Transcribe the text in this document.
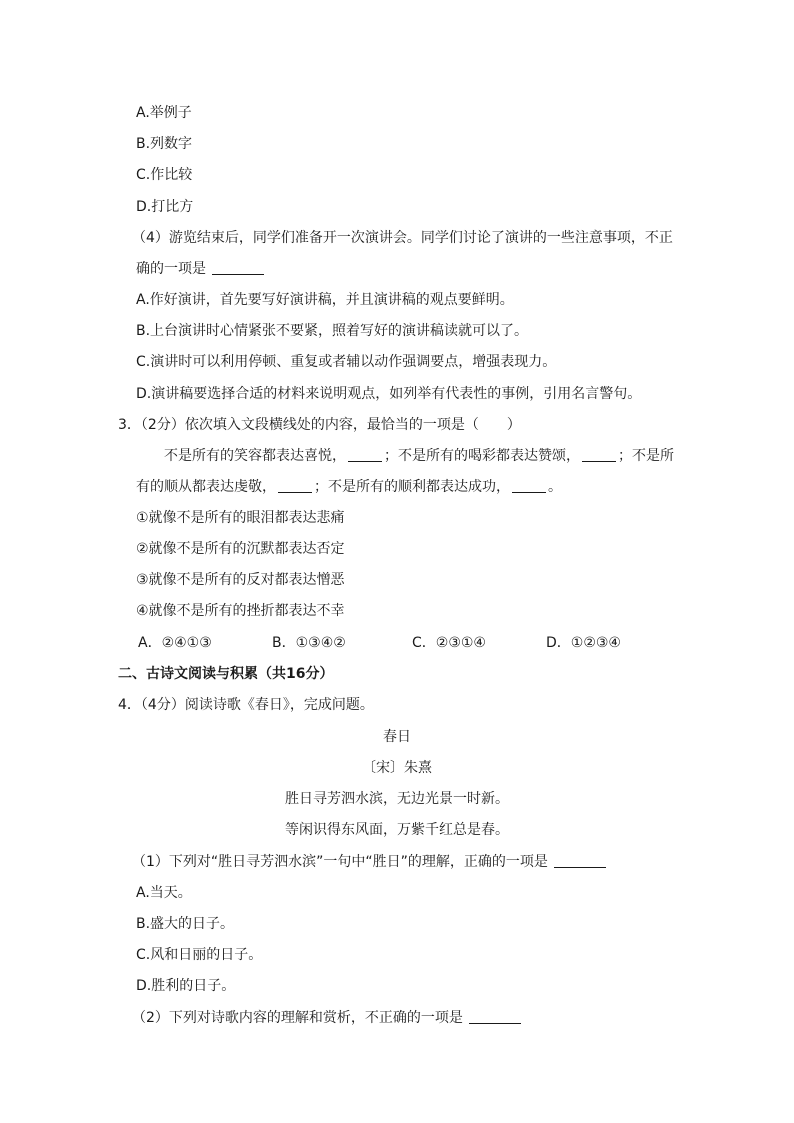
A.举例子
B.列数字
C.作比较
D.打比方
（4）游览结束后，同学们准备开一次演讲会。同学们讨论了演讲的一些注意事项，不正
确的一项是
A.作好演讲，首先要写好演讲稿，并且演讲稿的观点要鲜明。
B.上台演讲时心情紧张不要紧，照着写好的演讲稿读就可以了。
C.演讲时可以利用停顿、重复或者辅以动作强调要点，增强表现力。
D.演讲稿要选择合适的材料来说明观点，如列举有代表性的事例，引用名言警句。
3．（2分）依次填入文段横线处的内容，最恰当的一项是（　　）
不是所有的笑容都表达喜悦，	；不是所有的喝彩都表达赞颂，	；不是所
有的顺从都表达虔敬，	；不是所有的顺利都表达成功，	。
①就像不是所有的眼泪都表达悲痛
②就像不是所有的沉默都表达否定
③就像不是所有的反对都表达憎恶
④就像不是所有的挫折都表达不幸
A．②④①③	B．①③④②	C．②③①④	D．①②③④
二、古诗文阅读与积累（共16分）
4．（4分）阅读诗歌《春日》，完成问题。
春日
〔宋〕朱熹
胜日寻芳泗水滨，无边光景一时新。
等闲识得东风面，万紫千红总是春。
（1）下列对“胜日寻芳泗水滨”一句中“胜日”的理解，正确的一项是
A.当天。
B.盛大的日子。
C.风和日丽的日子。
D.胜利的日子。
（2）下列对诗歌内容的理解和赏析，不正确的一项是
